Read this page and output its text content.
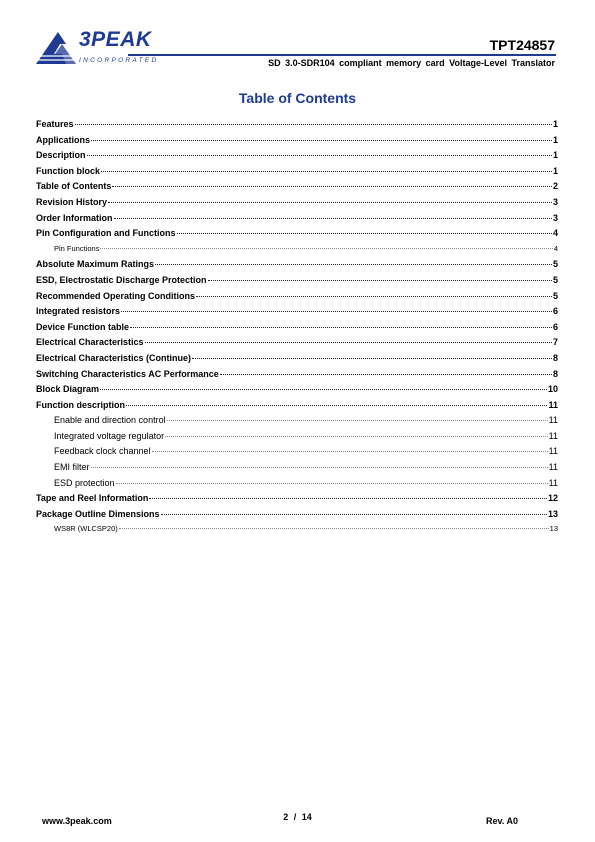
3PEAK
INCORPORATED
TPT24857
SD 3.0-SDR104 compliant memory card Voltage-Level Translator
Table of Contents
Features	1
Applications	1
Description	1
Function block	1
Table of Contents	2
Revision History	3
Order Information	3
Pin Configuration and Functions	4
Pin Functions	4
Absolute Maximum Ratings	5
ESD, Electrostatic Discharge Protection	5
Recommended Operating Conditions	5
Integrated resistors	6
Device Function table	6
Electrical Characteristics	7
Electrical Characteristics (Continue)	8
Switching Characteristics AC Performance	8
Block Diagram	10
Function description	11
Enable and direction control	11
Integrated voltage regulator	11
Feedback clock channel	11
EMI filter	11
ESD protection	11
Tape and Reel Information	12
Package Outline Dimensions	13
WS8R (WLCSP20)	13
www.3peak.com	2 / 14	Rev. A0
